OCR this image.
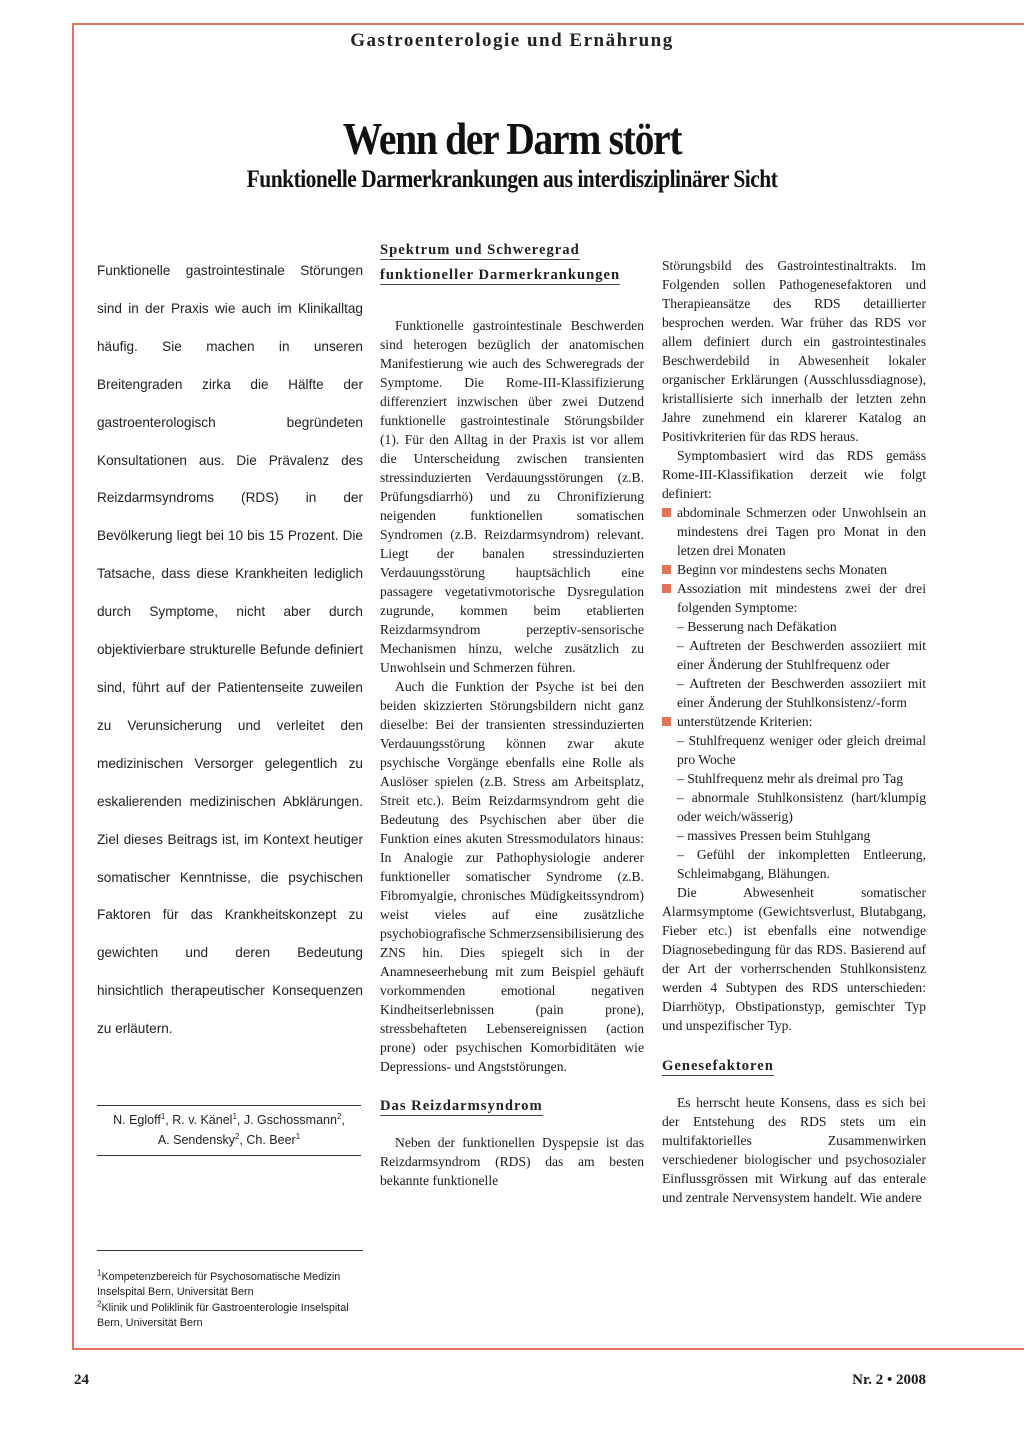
Gastroenterologie und Ernährung
Wenn der Darm stört
Funktionelle Darmerkrankungen aus interdisziplinärer Sicht
Funktionelle gastrointestinale Störungen sind in der Praxis wie auch im Klinikalltag häufig. Sie machen in unseren Breitengraden zirka die Hälfte der gastroenterologisch begründeten Konsultationen aus. Die Prävalenz des Reizdarmsyndroms (RDS) in der Bevölkerung liegt bei 10 bis 15 Prozent. Die Tatsache, dass diese Krankheiten lediglich durch Symptome, nicht aber durch objektivierbare strukturelle Befunde definiert sind, führt auf der Patientenseite zuweilen zu Verunsicherung und verleitet den medizinischen Versorger gelegentlich zu eskalierenden medizinischen Abklärungen. Ziel dieses Beitrags ist, im Kontext heutiger somatischer Kenntnisse, die psychischen Faktoren für das Krankheitskonzept zu gewichten und deren Bedeutung hinsichtlich therapeutischer Konsequenzen zu erläutern.
N. Egloff$^1$, R. v. Känel$^1$, J. Gschossmann$^2$,
A. Sendensky$^2$, Ch. Beer$^1$

$^1$Kompetenzbereich für Psychosomatische Medizin Inselspital Bern, Universität Bern

$^2$Klinik und Poliklinik für Gastroenterologie Inselspital Bern, Universität Bern

Spektrum und Schweregrad funktioneller Darmerkrankungen

Funktionelle gastrointestinale Beschwerden sind heterogen bezüglich der anatomischen Manifestierung wie auch des Schweregrads der Symptome. Die Rome-III-Klassifizierung differenziert inzwischen über zwei Dutzend funktionelle gastrointestinale Störungsbilder (1). Für den Alltag in der Praxis ist vor allem die Unterscheidung zwischen transienten stressinduzierten Verdauungsstörungen (z.B. Prüfungsdiarrhö) und zu Chronifizierung neigenden funktionellen somatischen Syndromen (z.B. Reizdarmsyndrom) relevant. Liegt der banalen stressinduzierten Verdauungsstörung hauptsächlich eine passagere vegetativmotorische Dysregulation zugrunde, kommen beim etablierten Reizdarmsyndrom perzeptiv-sensorische Mechanismen hinzu, welche zusätzlich zu Unwohlsein und Schmerzen führen.

Auch die Funktion der Psyche ist bei den beiden skizzierten Störungsbildern nicht ganz dieselbe: Bei der transienten stressinduzierten Verdauungsstörung können zwar akute psychische Vorgänge ebenfalls eine Rolle als Auslöser spielen (z.B. Stress am Arbeitsplatz, Streit etc.). Beim Reizdarmsyndrom geht die Bedeutung des Psychischen aber über die Funktion eines akuten Stressmodulators hinaus: In Analogie zur Pathophysiologie anderer funktioneller somatischer Syndrome (z.B. Fibromyalgie, chronisches Müdigkeitssyndrom) weist vieles auf eine zusätzliche psychobiografische Schmerzsensibilisierung des ZNS hin. Dies spiegelt sich in der Anamneseerhebung mit zum Beispiel gehäuft vorkommenden emotional negativen Kindheitserlebnissen (pain prone), stressbehafteten Lebensereignissen (action prone) oder psychischen Komorbiditäten wie Depressions- und Angststörungen.

Das Reizdarmsyndrom

Neben der funktionellen Dyspepsie ist das Reizdarmsyndrom (RDS) das am besten bekannte funktionelle

Störungsbild des Gastrointestinaltrakts. Im Folgenden sollen Pathogenesefaktoren und Therapieansätze des RDS detaillierter besprochen werden. War früher das RDS vor allem definiert durch ein gastrointestinales Beschwerdebild in Abwesenheit lokaler organischer Erklärungen (Ausschlussdiagnose), kristallisierte sich innerhalb der letzten zehn Jahre zunehmend ein klarerer Katalog an Positivkriterien für das RDS heraus.

Symptombasiert wird das RDS gemäss Rome-III-Klassifikation derzeit wie folgt definiert:

abdominale Schmerzen oder Unwohlsein an mindestens drei Tagen pro Monat in den letzen drei Monaten

Beginn vor mindestens sechs Monaten

Assoziation mit mindestens zwei der drei folgenden Symptome:

– Besserung nach Defäkation

– Auftreten der Beschwerden assoziiert mit einer Änderung der Stuhlfrequenz oder

– Auftreten der Beschwerden assoziiert mit einer Änderung der Stuhlkonsistenz/-form

unterstützende Kriterien:

– Stuhlfrequenz weniger oder gleich dreimal pro Woche

– Stuhlfrequenz mehr als dreimal pro Tag

– abnormale Stuhlkonsistenz (hart/klumpig oder weich/wässerig)

– massives Pressen beim Stuhlgang

– Gefühl der inkompletten Entleerung, Schleimabgang, Blähungen.

Die Abwesenheit somatischer Alarmsymptome (Gewichtsverlust, Blutabgang, Fieber etc.) ist ebenfalls eine notwendige Diagnosebedingung für das RDS. Basierend auf der Art der vorherrschenden Stuhlkonsistenz werden 4 Subtypen des RDS unterschieden: Diarrhötyp, Obstipationstyp, gemischter Typ und unspezifischer Typ.

Genesefaktoren

Es herrscht heute Konsens, dass es sich bei der Entstehung des RDS stets um ein multifaktorielles Zusammenwirken verschiedener biologischer und psychosozialer Einflussgrössen mit Wirkung auf das enterale und zentrale Nervensystem handelt. Wie andere

24	Nr. 2 • 2008
